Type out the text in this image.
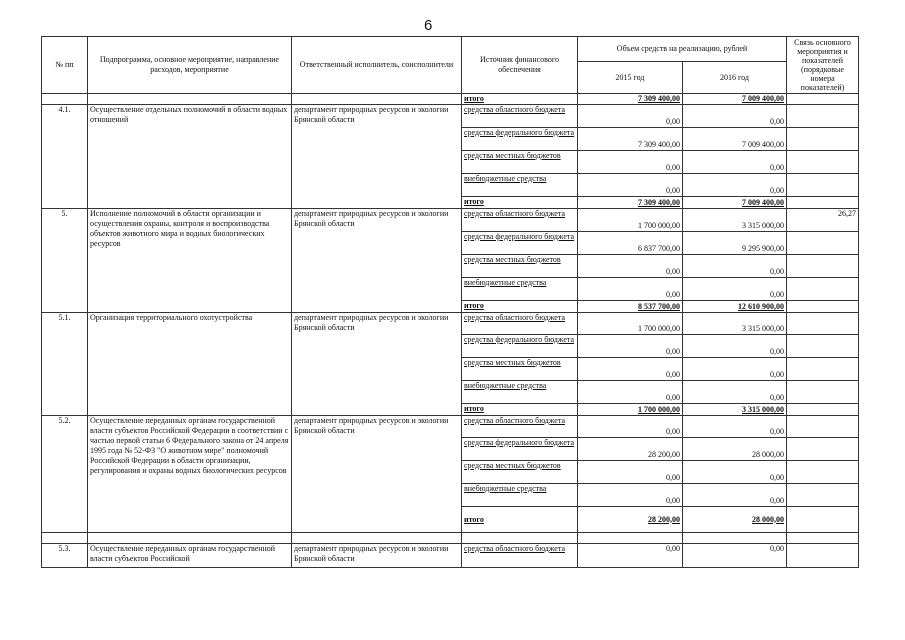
6
№ пп	Подпрограмма, основное мероприятие, направление расходов, мероприятие	Ответственный исполнитель, соисполнители	Источник финансового обеспечения	Объем средств на реализацию, рублей		Связь основного мероприятия и показателей (порядковые номера показателей)
				2015 год	2016 год	
			итого	7 309 400,00	7 009 400,00	
4.1.	Осуществление отдельных полномочий в области водных отношений	департамент природных ресурсов и экологии Брянской области	средства областного бюджета	0,00	0,00	
			средства федерального бюджета	7 309 400,00	7 009 400,00	
			средства местных бюджетов	0,00	0,00	
			внебюджетные средства	0,00	0,00	
			итого	7 309 400,00	7 009 400,00	
5.	Исполнение полномочий в области организации и осуществления охраны, контроля и воспроизводства объектов животного мира и водных биологических ресурсов	департамент природных ресурсов и экологии Брянской области	средства областного бюджета	1 700 000,00	3 315 000,00	26,27
			средства федерального бюджета	6 837 700,00	9 295 900,00	
			средства местных бюджетов	0,00	0,00	
			внебюджетные средства	0,00	0,00	
			итого	8 537 700,00	12 610 900,00	
5.1.	Организация территориального охотустройства	департамент природных ресурсов и экологии Брянской области	средства областного бюджета	1 700 000,00	3 315 000,00	
			средства федерального бюджета	0,00	0,00	
			средства местных бюджетов	0,00	0,00	
			внебюджетные средства	0,00	0,00	
			итого	1 700 000,00	3 315 000,00	
5.2.	Осуществление переданных органам государственной власти субъектов Российской Федерации в соответствии с частью первой статьи 6 Федерального закона от 24 апреля 1995 года № 52-ФЗ "О животном мире" полномочий Российской Федерации в области организации, регулирования и охраны водных биологических ресурсов	департамент природных ресурсов и экологии Брянской области	средства областного бюджета	0,00	0,00	
			средства федерального бюджета	28 200,00	28 000,00	
			средства местных бюджетов	0,00	0,00	
			внебюджетные средства	0,00	0,00	
			итого	28 200,00	28 000,00	

5.3.	Осуществление переданных органам государственной власти субъектов Российской	департамент природных ресурсов и экологии Брянской области	средства областного бюджета	0,00	0,00	
